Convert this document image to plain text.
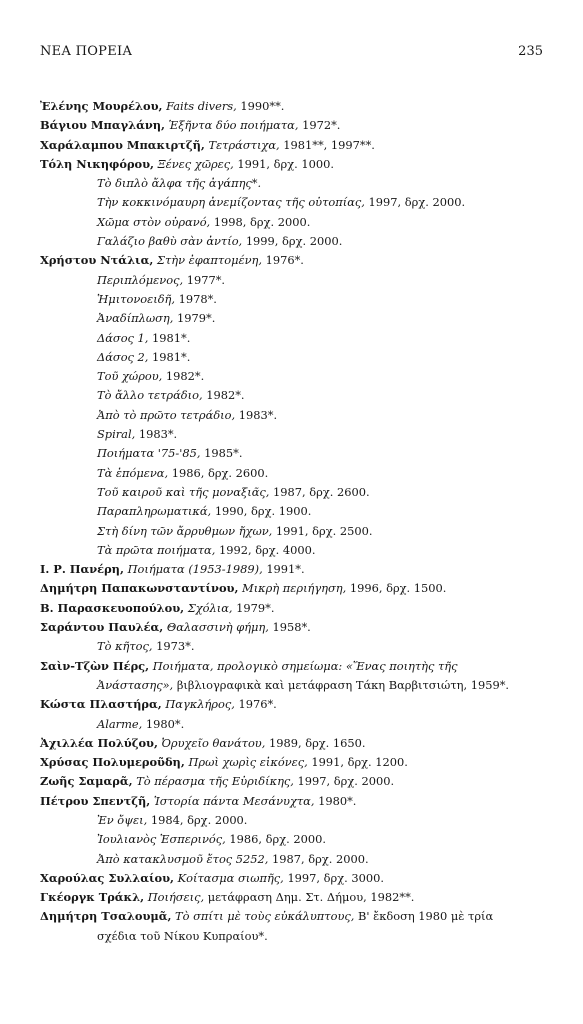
ΝΕΑ ΠΟΡΕΙΑ	235
Ἐλένης Μουρέλου, Faits divers, 1990**.
Βάγιου Μπαγλάνη, Ἑξῆντα δύο ποιήματα, 1972*.
Χαράλαμπου Μπακιρτζῆ, Τετράστιχα, 1981**, 1997**.
Τόλη Νικηφόρου, Ξένες χῶρες, 1991, δρχ. 1000.
Τὸ διπλὸ ἄλφα τῆς ἀγάπης*.
Τὴν κοκκινόμαυρη ἀνεμίζοντας τῆς οὐτοπίας, 1997, δρχ. 2000.
Χῶμα στὸν οὐρανό, 1998, δρχ. 2000.
Γαλάζιο βαθὺ σὰν ἀντίο, 1999, δρχ. 2000.
Χρήστου Ντάλια, Στὴν ἐφαπτομένη, 1976*.
Περιπλόμενος, 1977*.
Ἡμιτονοειδῆ, 1978*.
Ἀναδίπλωση, 1979*.
Δάσος 1, 1981*.
Δάσος 2, 1981*.
Τοῦ χώρου, 1982*.
Τὸ ἄλλο τετράδιο, 1982*.
Ἀπὸ τὸ πρῶτο τετράδιο, 1983*.
Spiral, 1983*.
Ποιήματα '75-'85, 1985*.
Τὰ ἑπόμενα, 1986, δρχ. 2600.
Τοῦ καιροῦ καὶ τῆς μοναξιᾶς, 1987, δρχ. 2600.
Παραπληρωματικά, 1990, δρχ. 1900.
Στὴ δίνη τῶν ἄρρυθμων ἤχων, 1991, δρχ. 2500.
Τὰ πρῶτα ποιήματα, 1992, δρχ. 4000.
Ι. Ρ. Πανέρη, Ποιήματα (1953-1989), 1991*.
Δημήτρη Παπακωνσταντίνου, Μικρὴ περιήγηση, 1996, δρχ. 1500.
Β. Παρασκευοπούλου, Σχόλια, 1979*.
Σαράντου Παυλέα, Θαλασσινὴ φήμη, 1958*.
Τὸ κῆτος, 1973*.
Σαὶν-Τζὼν Πέρς, Ποιήματα, προλογικὸ σημείωμα: «Ἕνας ποιητὴς τῆς
Ἀνάστασης», βιβλιογραφικὰ καὶ μετάφραση Τάκη Βαρβιτσιώτη, 1959*.
Κώστα Πλαστήρα, Παγκλήρος, 1976*.
Alarme, 1980*.
Ἀχιλλέα Πολύζου, Ὀρυχεῖο θανάτου, 1989, δρχ. 1650.
Χρύσας Πολυμεροῦδη, Πρωὶ χωρὶς εἰκόνες, 1991, δρχ. 1200.
Ζωῆς Σαμαρᾶ, Τὸ πέρασμα τῆς Εὐριδίκης, 1997, δρχ. 2000.
Πέτρου Σπεντζῆ, Ἱστορία πάντα Μεσάνυχτα, 1980*.
Ἐν ὄψει, 1984, δρχ. 2000.
Ἰουλιανὸς Ἑσπερινός, 1986, δρχ. 2000.
Ἀπὸ κατακλυσμοῦ ἔτος 5252, 1987, δρχ. 2000.
Χαρούλας Συλλαίου, Κοίτασμα σιωπῆς, 1997, δρχ. 3000.
Γκέοργκ Τράκλ, Ποιήσεις, μετάφραση Δημ. Στ. Δήμου, 1982**.
Δημήτρη Τσαλουμᾶ, Τὸ σπίτι μὲ τοὺς εὐκάλυπτους, Β' ἔκδοση 1980 μὲ τρία
σχέδια τοῦ Νίκου Κυπραίου*.
